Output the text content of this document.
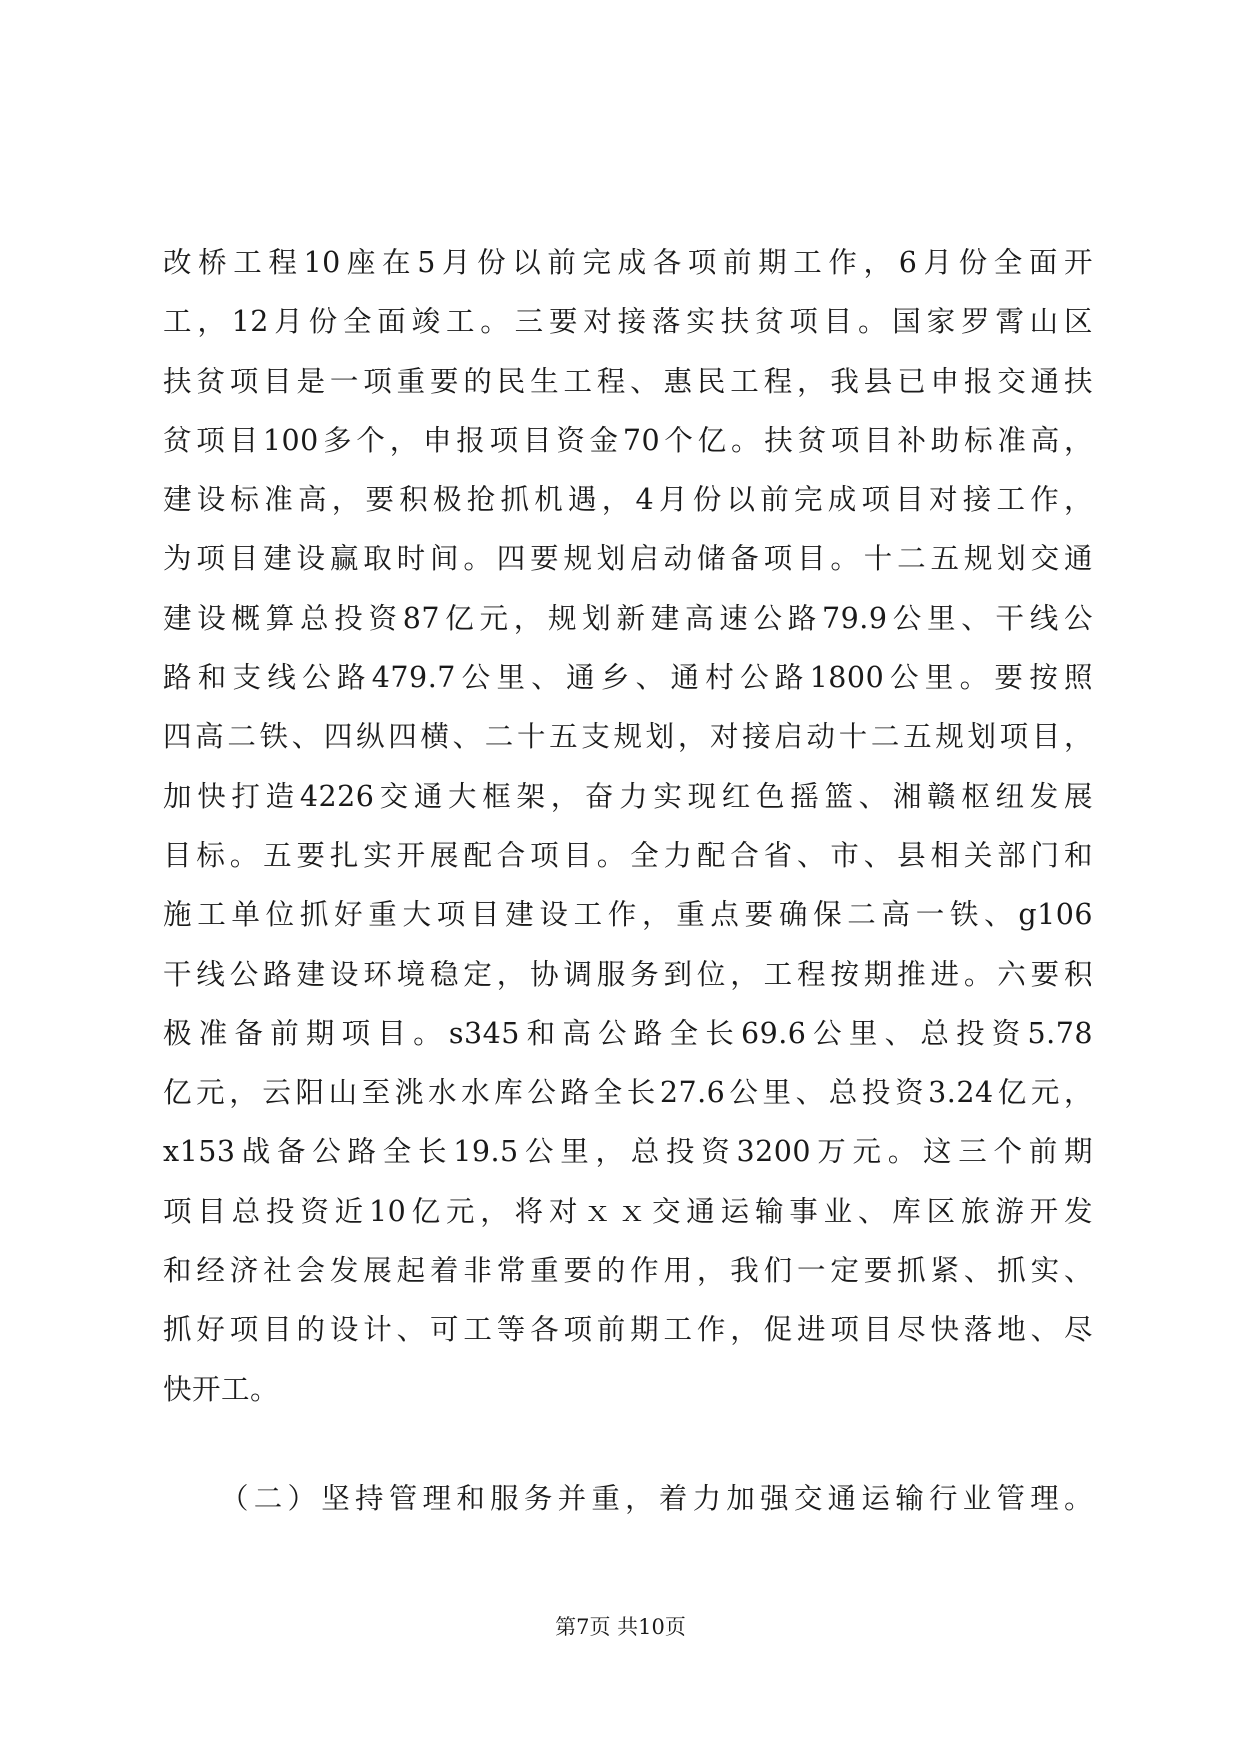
改桥工程10座在5月份以前完成各项前期工作，6月份全面开
工，12月份全面竣工。三要对接落实扶贫项目。国家罗霄山区
扶贫项目是一项重要的民生工程、惠民工程，我县已申报交通扶
贫项目100多个，申报项目资金70个亿。扶贫项目补助标准高，
建设标准高，要积极抢抓机遇，4月份以前完成项目对接工作，
为项目建设赢取时间。四要规划启动储备项目。十二五规划交通
建设概算总投资87亿元，规划新建高速公路79.9公里、干线公
路和支线公路479.7公里、通乡、通村公路1800公里。要按照
四高二铁、四纵四横、二十五支规划，对接启动十二五规划项目，
加快打造4226交通大框架，奋力实现红色摇篮、湘赣枢纽发展
目标。五要扎实开展配合项目。全力配合省、市、县相关部门和
施工单位抓好重大项目建设工作，重点要确保二高一铁、g106
干线公路建设环境稳定，协调服务到位，工程按期推进。六要积
极准备前期项目。s345和高公路全长69.6公里、总投资5.78
亿元，云阳山至洮水水库公路全长27.6公里、总投资3.24亿元，
x153战备公路全长19.5公里，总投资3200万元。这三个前期
项目总投资近10亿元，将对ｘｘ交通运输事业、库区旅游开发
和经济社会发展起着非常重要的作用，我们一定要抓紧、抓实、
抓好项目的设计、可工等各项前期工作，促进项目尽快落地、尽
快开工。
（二）坚持管理和服务并重，着力加强交通运输行业管理。
第7页 共10页
